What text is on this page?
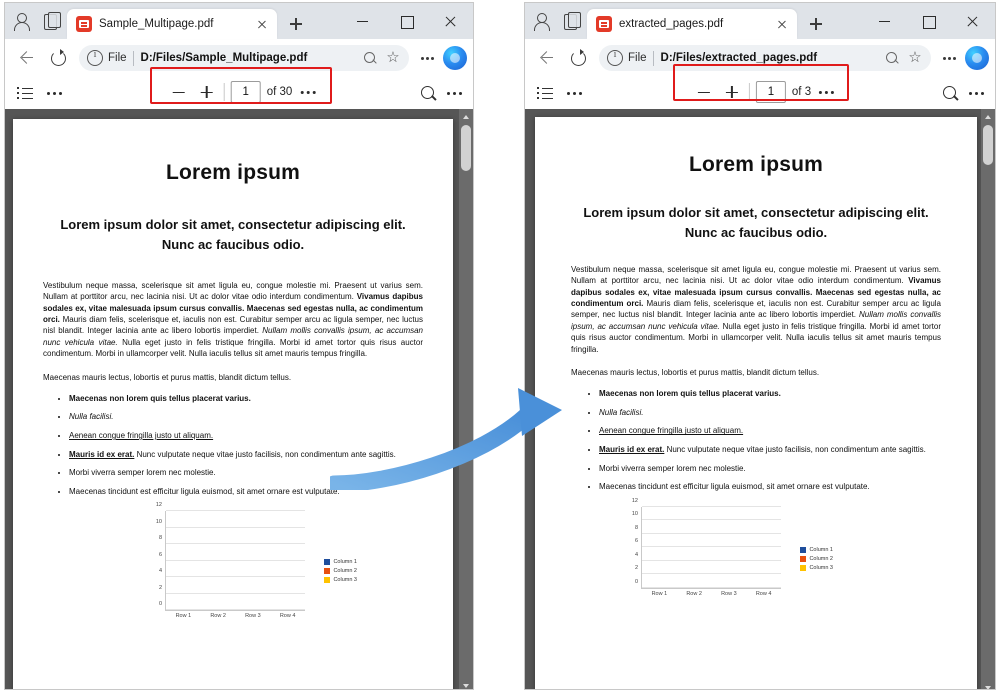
Sample_Multipage.pdf
i
File D:/Files/Sample_Multipage.pdf	☆
1	of 30
Lorem ipsum
Lorem ipsum dolor sit amet, consectetur adipiscing elit. Nunc ac faucibus odio.

Vestibulum neque massa, scelerisque sit amet ligula eu, congue molestie mi. Praesent ut varius sem. Nullam at porttitor arcu, nec lacinia nisi. Ut ac dolor vitae odio interdum condimentum. Vivamus dapibus sodales ex, vitae malesuada ipsum cursus convallis. Maecenas sed egestas nulla, ac condimentum orci. Mauris diam felis, scelerisque et, iaculis non est. Curabitur semper arcu ac ligula semper, nec luctus nisl blandit. Integer lacinia ante ac libero lobortis imperdiet. Nullam mollis convallis ipsum, ac accumsan nunc vehicula vitae. Nulla eget justo in felis tristique fringilla. Morbi id amet tortor quis risus auctor condimentum. Morbi in ullamcorper velit. Nulla iaculis tellus sit amet mauris tempus fringilla.

Maecenas mauris lectus, lobortis et purus mattis, blandit dictum tellus.

• Maecenas non lorem quis tellus placerat varius.
• Nulla facilisi.
• Aenean congue fringilla justo ut aliquam.
• Mauris id ex erat. Nunc vulputate neque vitae justo facilisis, non condimentum ante sagittis.
• Morbi viverra semper lorem nec molestie.
• Maecenas tincidunt est efficitur ligula euismod, sit amet ornare est vulputate.
0
2
4
6
8
10
12
Row 1	Row 2	Row 3	Row 4
Column 1
Column 2
Column 3
extracted_pages.pdf
i
File D:/Files/extracted_pages.pdf	☆
1	of 3
Lorem ipsum
Lorem ipsum dolor sit amet, consectetur adipiscing elit. Nunc ac faucibus odio.

Vestibulum neque massa, scelerisque sit amet ligula eu, congue molestie mi. Praesent ut varius sem. Nullam at porttitor arcu, nec lacinia nisi. Ut ac dolor vitae odio interdum condimentum. Vivamus dapibus sodales ex, vitae malesuada ipsum cursus convallis. Maecenas sed egestas nulla, ac condimentum orci. Mauris diam felis, scelerisque et, iaculis non est. Curabitur semper arcu ac ligula semper, nec luctus nisl blandit. Integer lacinia ante ac libero lobortis imperdiet. Nullam mollis convallis ipsum, ac accumsan nunc vehicula vitae. Nulla eget justo in felis tristique fringilla. Morbi id amet tortor quis risus auctor condimentum. Morbi in ullamcorper velit. Nulla iaculis tellus sit amet mauris tempus fringilla.

Maecenas mauris lectus, lobortis et purus mattis, blandit dictum tellus.

• Maecenas non lorem quis tellus placerat varius.
• Nulla facilisi.
• Aenean congue fringilla justo ut aliquam.
• Mauris id ex erat. Nunc vulputate neque vitae justo facilisis, non condimentum ante sagittis.
• Morbi viverra semper lorem nec molestie.
• Maecenas tincidunt est efficitur ligula euismod, sit amet ornare est vulputate.
0
2
4
6
8
10
12
Row 1	Row 2	Row 3	Row 4
Column 1
Column 2
Column 3
